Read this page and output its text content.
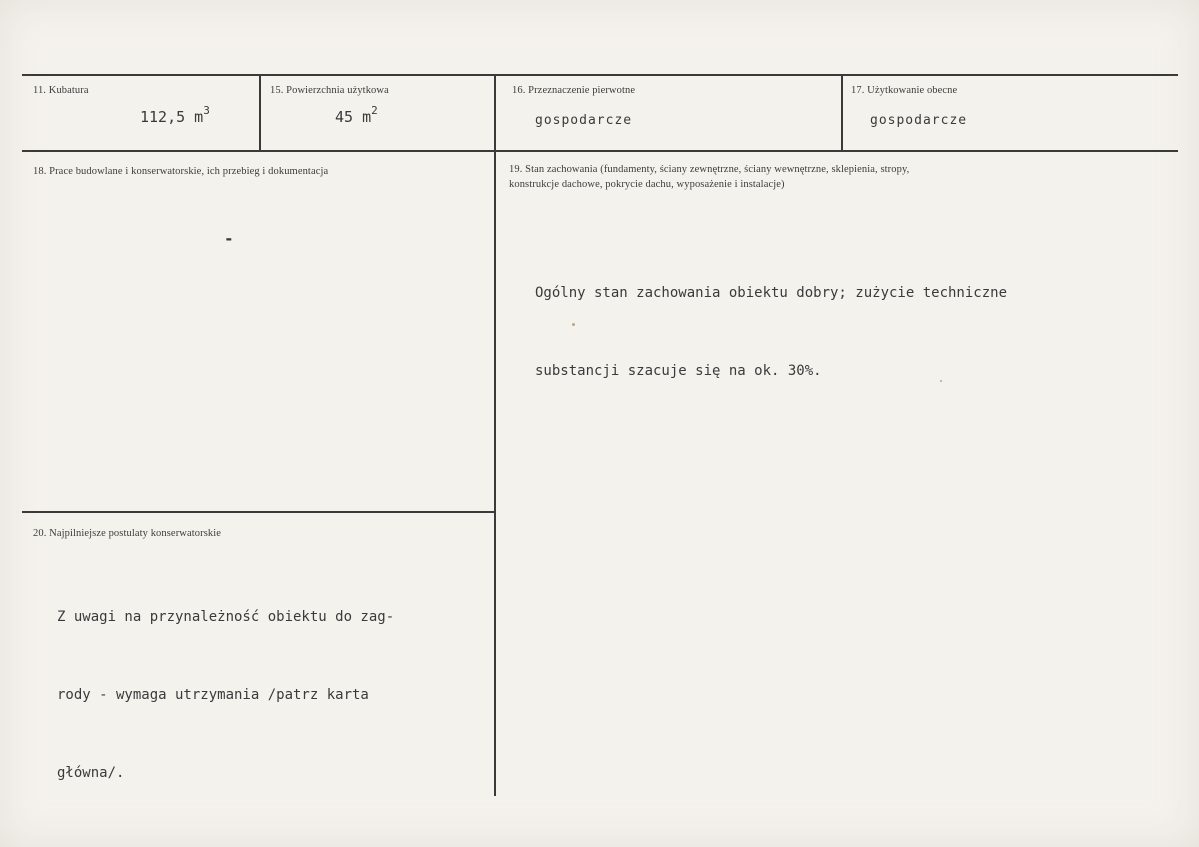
11. Kubatura
112,5 $m^3$
15. Powierzchnia użytkowa
45 $m^2$
16. Przeznaczenie pierwotne
gospodarcze
17. Użytkowanie obecne
gospodarcze
18. Prace budowlane i konserwatorskie, ich przebieg i dokumentacja
-
19. Stan zachowania (fundamenty, ściany zewnętrzne, ściany wewnętrzne, sklepienia, stropy,
konstrukcje dachowe, pokrycie dachu, wyposażenie i instalacje)

Ogólny stan zachowania obiektu dobry; zużycie techniczne

substancji szacuje się na ok. 30%.

20. Najpilniejsze postulaty konserwatorskie

Z uwagi na przynależność obiektu do zag-

rody - wymaga utrzymania /patrz karta

główna/.
